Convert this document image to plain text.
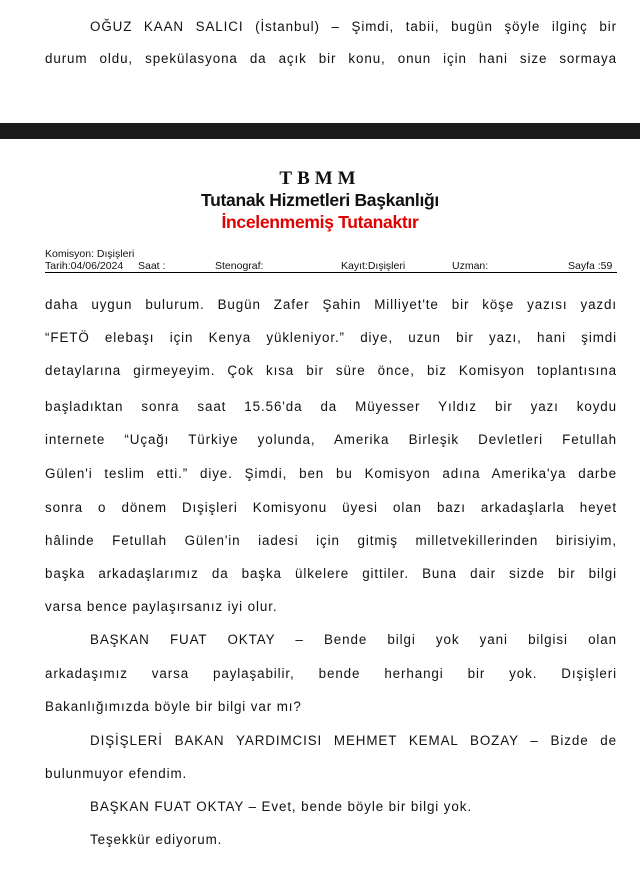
OĞUZ KAAN SALICI (İstanbul) – Şimdi, tabii, bugün şöyle ilginç bir
durum oldu, spekülasyona da açık bir konu, onun için hani size sormaya
TBMM
Tutanak Hizmetleri Başkanlığı
İncelenmemiş Tutanaktır
Komisyon: Dışişleri
Tarih:04/06/2024 Saat :	Stenograf:	Kayıt:Dışişleri	Uzman:	Sayfa :59
daha uygun bulurum. Bugün Zafer Şahin Milliyet'te bir köşe yazısı yazdı
“FETÖ elebaşı için Kenya yükleniyor.” diye, uzun bir yazı, hani şimdi
detaylarına girmeyeyim. Çok kısa bir süre önce, biz Komisyon toplantısına
başladıktan sonra saat 15.56'da da Müyesser Yıldız bir yazı koydu
internete “Uçağı Türkiye yolunda, Amerika Birleşik Devletleri Fetullah
Gülen'i teslim etti.” diye. Şimdi, ben bu Komisyon adına Amerika'ya darbe
sonra o dönem Dışişleri Komisyonu üyesi olan bazı arkadaşlarla heyet
hâlinde Fetullah Gülen'in iadesi için gitmiş milletvekillerinden birisiyim,
başka arkadaşlarımız da başka ülkelere gittiler. Buna dair sizde bir bilgi
varsa bence paylaşırsanız iyi olur.
BAŞKAN FUAT OKTAY – Bende bilgi yok yani bilgisi olan
arkadaşımız varsa paylaşabilir, bende herhangi bir yok. Dışişleri
Bakanlığımızda böyle bir bilgi var mı?
DIŞİŞLERİ BAKAN YARDIMCISI MEHMET KEMAL BOZAY – Bizde de
bulunmuyor efendim.
BAŞKAN FUAT OKTAY – Evet, bende böyle bir bilgi yok.
Teşekkür ediyorum.
